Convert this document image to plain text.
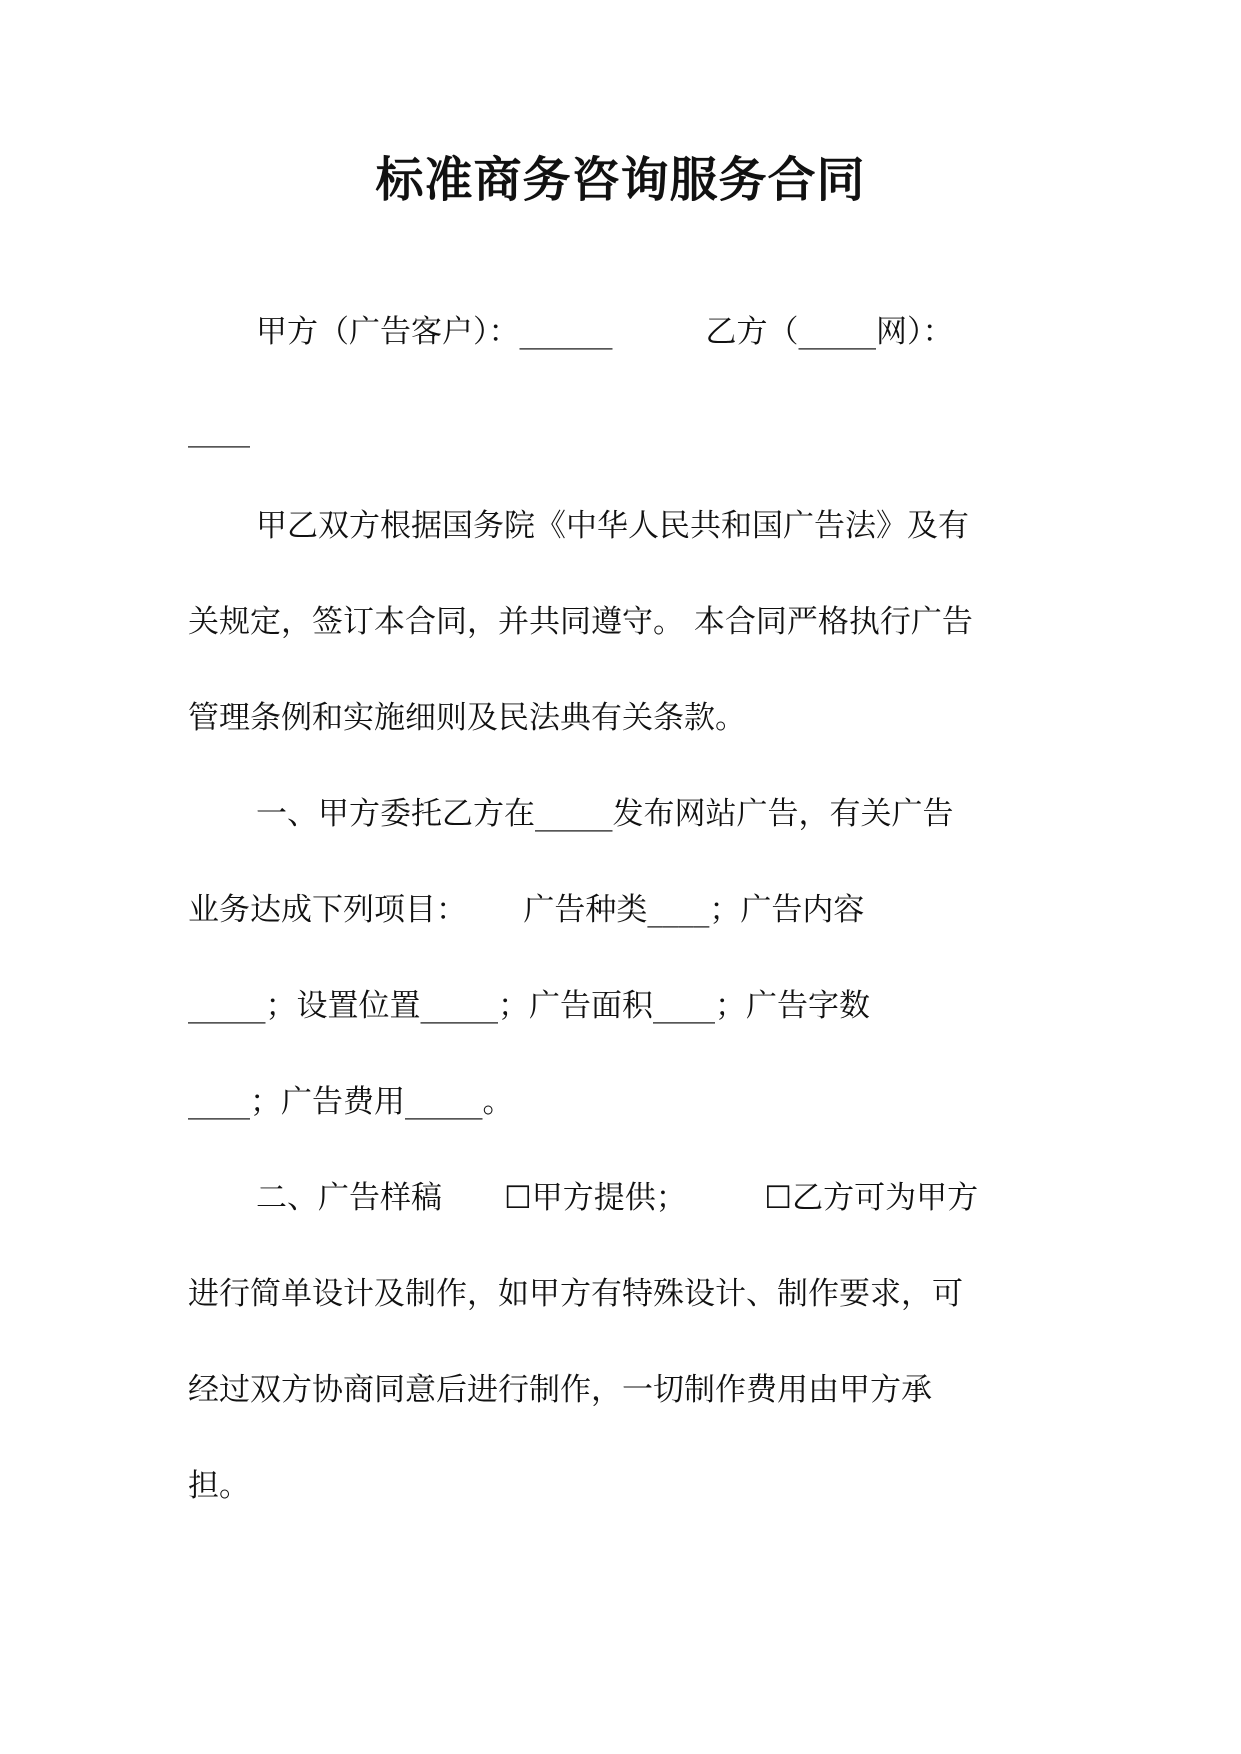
标准商务咨询服务合同
甲方（广告客户）：______　　　乙方（_____网）：
____
甲乙双方根据国务院《中华人民共和国广告法》及有
关规定，签订本合同，并共同遵守。 本合同严格执行广告
管理条例和实施细则及民法典有关条款。
一、甲方委托乙方在_____发布网站广告，有关广告
业务达成下列项目：　　 广告种类____；广告内容
_____；设置位置_____；广告面积____；广告字数
____；广告费用_____。
二、广告样稿　　☐甲方提供；　　　☐乙方可为甲方
进行简单设计及制作，如甲方有特殊设计、制作要求，可
经过双方协商同意后进行制作，一切制作费用由甲方承
担。
